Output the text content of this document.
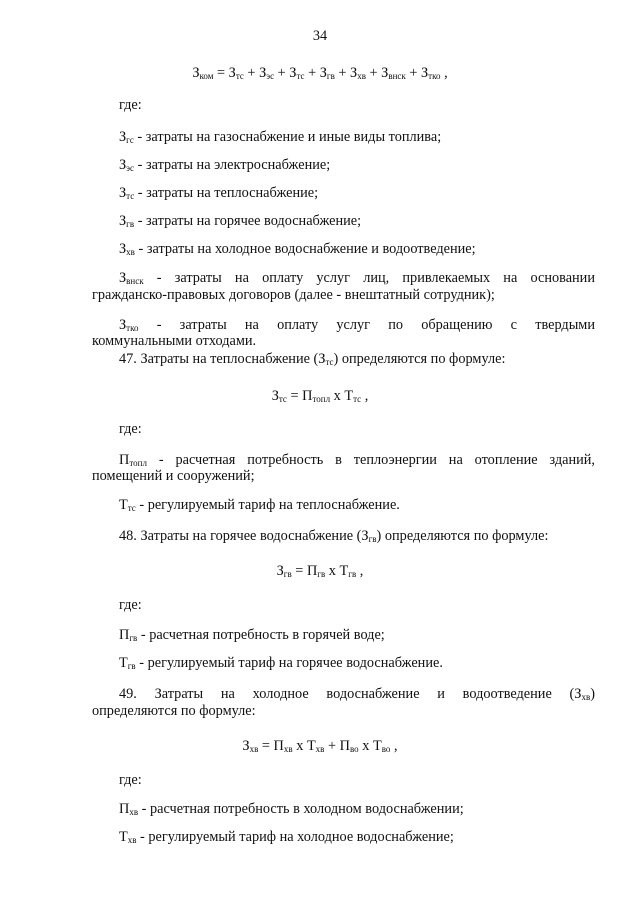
34
$З_{ком} = З_{тс} + З_{эс} + З_{тс} + З_{гв} + З_{хв} + З_{внск} + З_{тко}$ ,
где:
$З_{гс}$ - затраты на газоснабжение и иные виды топлива;
$З_{эс}$ - затраты на электроснабжение;
$З_{тс}$ - затраты на теплоснабжение;
$З_{гв}$ - затраты на горячее водоснабжение;
$З_{хв}$ - затраты на холодное водоснабжение и водоотведение;
$З_{внск}$ - затраты на оплату услуг лиц, привлекаемых на основании
гражданско-правовых договоров (далее - внештатный сотрудник);
$З_{тко}$ - затраты на оплату услуг по обращению с твердыми
коммунальными отходами.
47. Затраты на теплоснабжение $(З_{тс})$ определяются по формуле:
$З_{тс} = П_{топл}$ х $Т_{тс}$ ,
где:
$П_{топл}$ - расчетная потребность в теплоэнергии на отопление зданий,
помещений и сооружений;
$Т_{тс}$ - регулируемый тариф на теплоснабжение.
48. Затраты на горячее водоснабжение $(З_{гв})$ определяются по формуле:
$З_{гв} = П_{гв}$ х $Т_{гв}$ ,
где:
$П_{гв}$ - расчетная потребность в горячей воде;
$Т_{гв}$ - регулируемый тариф на горячее водоснабжение.
49. Затраты на холодное водоснабжение и водоотведение $(З_{хв})$
определяются по формуле:
$З_{хв} = П_{хв}$ х $Т_{хв} + П_{во}$ х $Т_{во}$ ,
где:
$П_{хв}$ - расчетная потребность в холодном водоснабжении;
$Т_{хв}$ - регулируемый тариф на холодное водоснабжение;
